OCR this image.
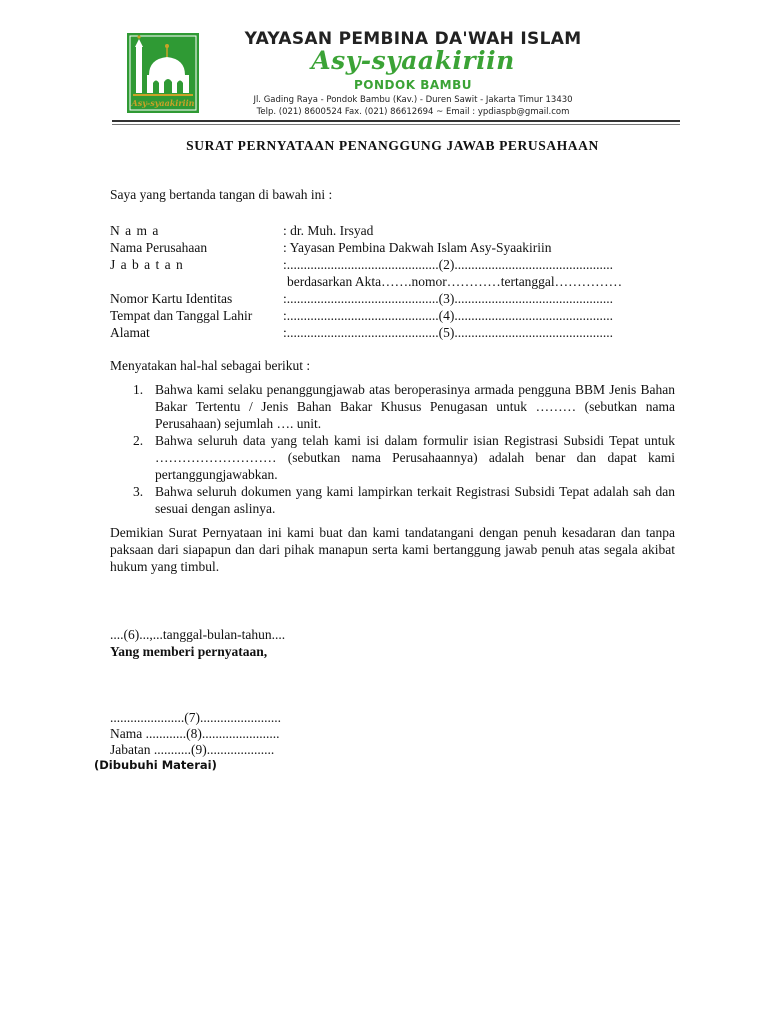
Asy-syaakiriin
YAYASAN PEMBINA DA'WAH ISLAM
Asy-syaakiriin
PONDOK BAMBU
Jl. Gading Raya - Pondok Bambu (Kav.) - Duren Sawit - Jakarta Timur 13430
Telp. (021) 8600524 Fax. (021) 86612694 ~ Email : ypdiaspb@gmail.com
SURAT PERNYATAAN PENANGGUNG JAWAB PERUSAHAAN
Saya yang bertanda tangan di bawah ini :
N a m a	: dr. Muh. Irsyad
Nama Perusahaan	: Yayasan Pembina Dakwah Islam Asy-Syaakiriin
J a b a t a n	:.............................................(2)...............................................
berdasarkan Akta…….nomor…………tertanggal……………
Nomor Kartu Identitas	:.............................................(3)...............................................
Tempat dan Tanggal Lahir :.............................................(4)...............................................
Alamat	:.............................................(5)...............................................
Menyatakan hal-hal sebagai berikut :
1. Bahwa kami selaku penanggungjawab atas beroperasinya armada pengguna BBM Jenis Bahan Bakar Tertentu / Jenis Bahan Bakar Khusus Penugasan untuk ……… (sebutkan nama Perusahaan) sejumlah …. unit.
2. Bahwa seluruh data yang telah kami isi dalam formulir isian Registrasi Subsidi Tepat untuk ……………………… (sebutkan nama Perusahaannya) adalah benar dan dapat kami pertanggungjawabkan.
3. Bahwa seluruh dokumen yang kami lampirkan terkait Registrasi Subsidi Tepat adalah sah dan sesuai dengan aslinya.
Demikian Surat Pernyataan ini kami buat dan kami tandatangani dengan penuh kesadaran dan tanpa paksaan dari siapapun dan dari pihak manapun serta kami bertanggung jawab penuh atas segala akibat hukum yang timbul.
....(6)...,...tanggal-bulan-tahun....
Yang memberi pernyataan,
......................(7)........................
Nama ............(8).......................
Jabatan ...........(9)....................
(Dibubuhi Materai)
